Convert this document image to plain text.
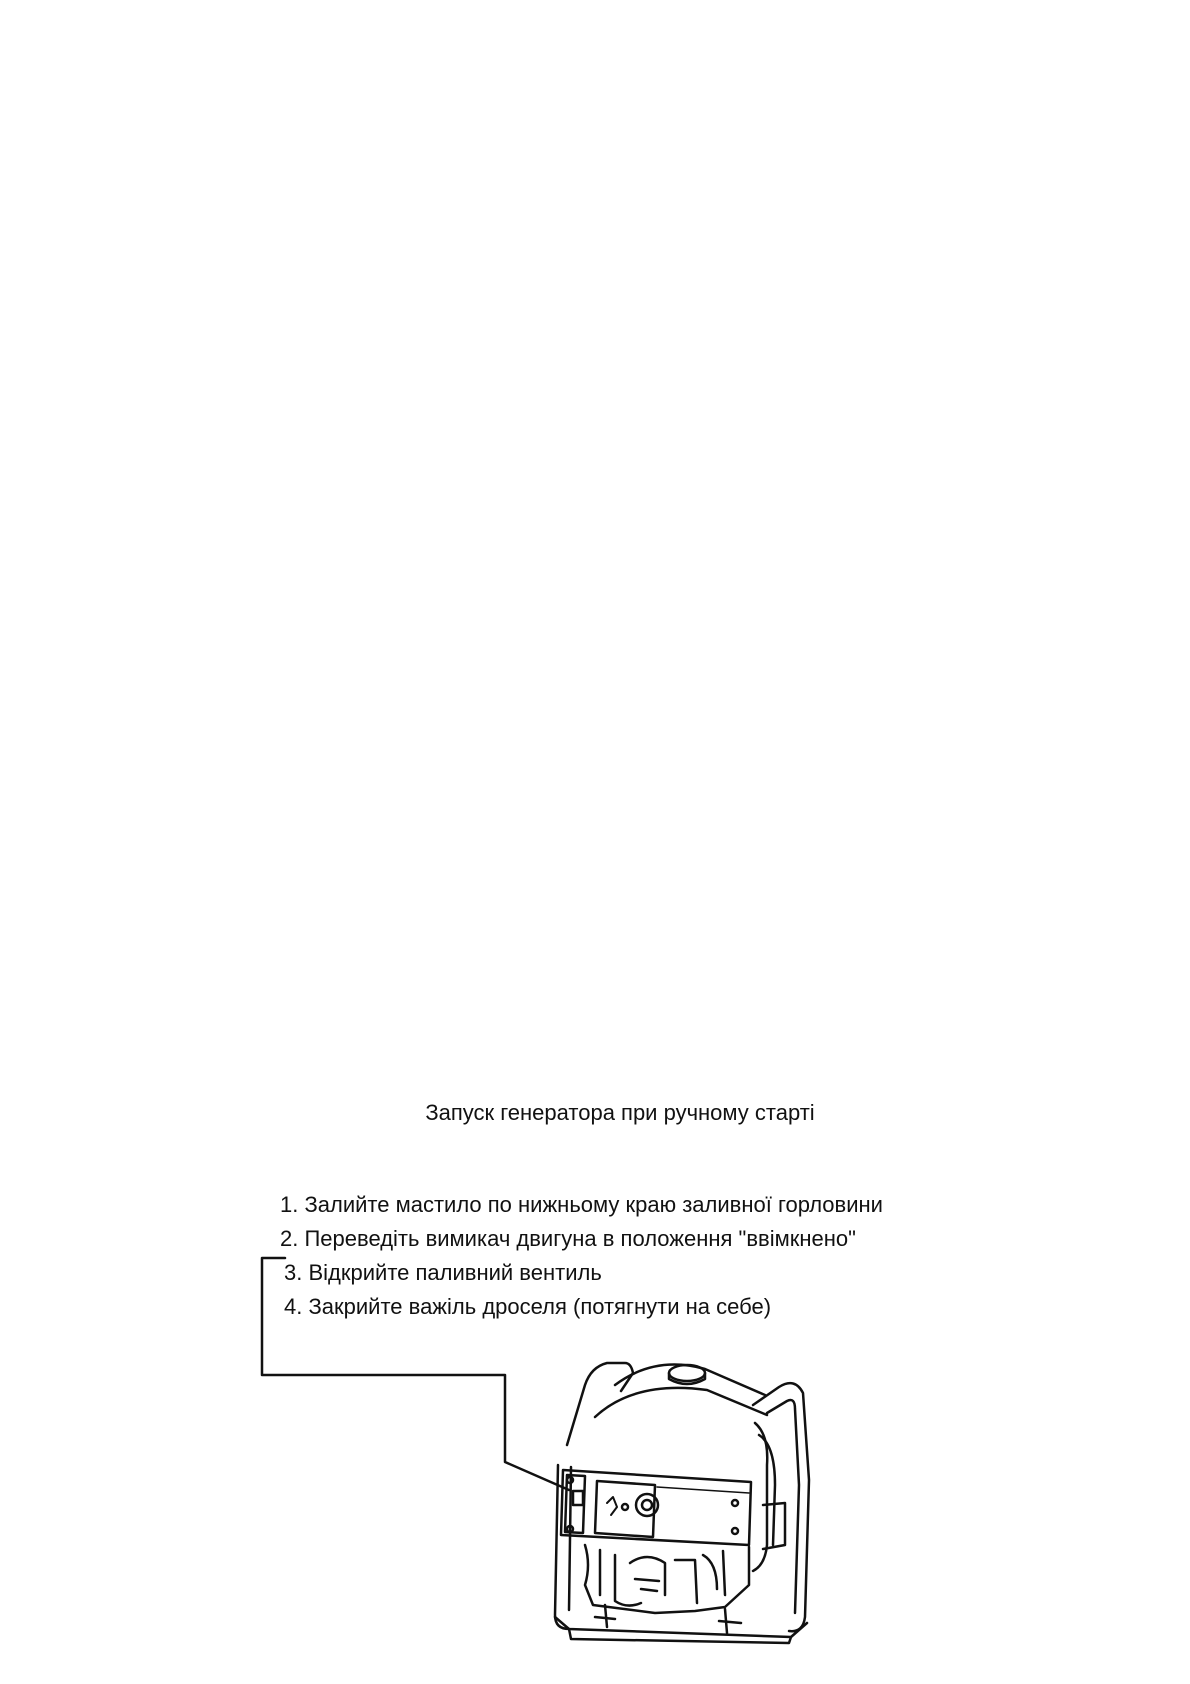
Запуск генератора при ручному старті
1. Залийте мастило по нижньому краю заливної горловини
2. Переведіть вимикач двигуна в положення "ввімкнено"
3. Відкрийте паливний вентиль
4. Закрийте важіль дроселя (потягнути на себе)
